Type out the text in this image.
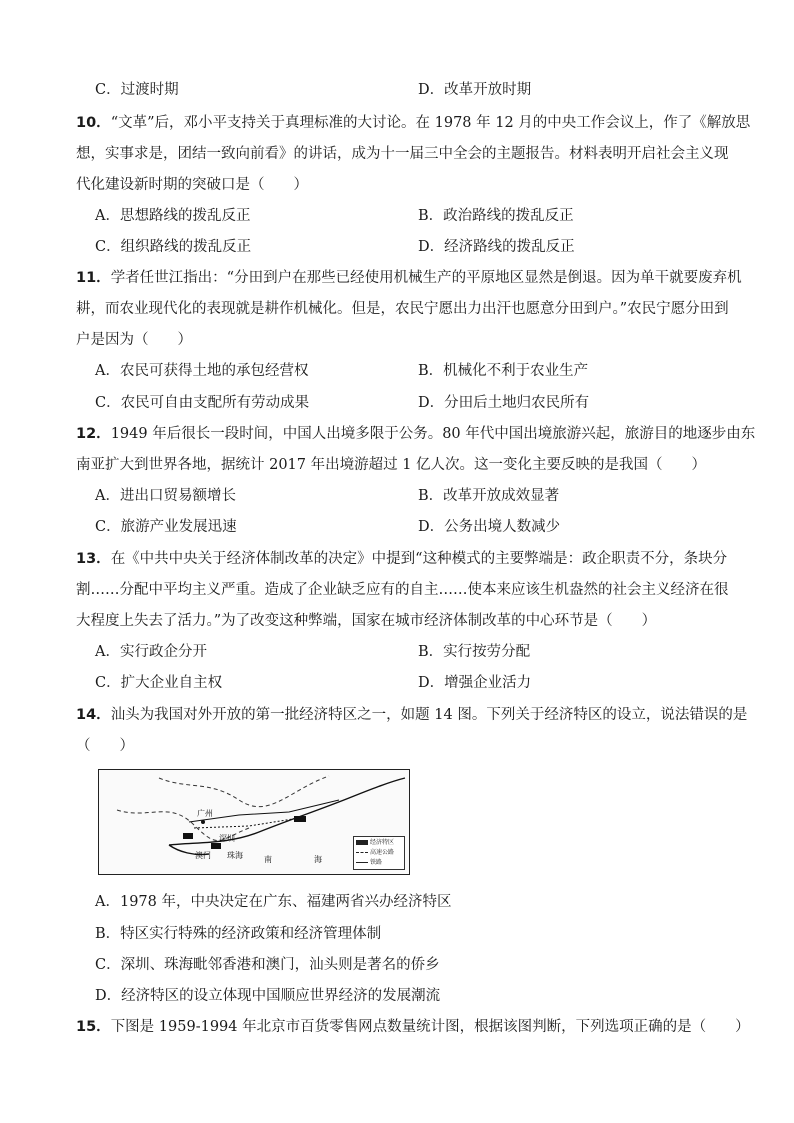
C．过渡时期	D．改革开放时期
10．“文革”后，邓小平支持关于真理标准的大讨论。在 1978 年 12 月的中央工作会议上，作了《解放思
想，实事求是，团结一致向前看》的讲话，成为十一届三中全会的主题报告。材料表明开启社会主义现
代化建设新时期的突破口是（　　）
A．思想路线的拨乱反正	B．政治路线的拨乱反正
C．组织路线的拨乱反正	D．经济路线的拨乱反正
11．学者任世江指出：“分田到户在那些已经使用机械生产的平原地区显然是倒退。因为单干就要废弃机
耕，而农业现代化的表现就是耕作机械化。但是，农民宁愿出力出汗也愿意分田到户。”农民宁愿分田到
户是因为（　　）
A．农民可获得土地的承包经营权	B．机械化不利于农业生产
C．农民可自由支配所有劳动成果	D．分田后土地归农民所有
12．1949 年后很长一段时间，中国人出境多限于公务。80 年代中国出境旅游兴起，旅游目的地逐步由东
南亚扩大到世界各地，据统计 2017 年出境游超过 1 亿人次。这一变化主要反映的是我国（　　）
A．进出口贸易额增长	B．改革开放成效显著
C．旅游产业发展迅速	D．公务出境人数减少
13．在《中共中央关于经济体制改革的决定》中提到“这种模式的主要弊端是：政企职责不分，条块分
割……分配中平均主义严重。造成了企业缺乏应有的自主……使本来应该生机盎然的社会主义经济在很
大程度上失去了活力。”为了改变这种弊端，国家在城市经济体制改革的中心环节是（　　）
A．实行政企分开	B．实行按劳分配
C．扩大企业自主权	D．增强企业活力
14．汕头为我国对外开放的第一批经济特区之一，如题 14 图。下列关于经济特区的设立，说法错误的是
（　　）
广州
深圳
珠海
澳门	南	海
经济特区
高速公路
铁路
A．1978 年，中央决定在广东、福建两省兴办经济特区
B．特区实行特殊的经济政策和经济管理体制
C．深圳、珠海毗邻香港和澳门，汕头则是著名的侨乡
D．经济特区的设立体现中国顺应世界经济的发展潮流
15．下图是 1959-1994 年北京市百货零售网点数量统计图，根据该图判断，下列选项正确的是（　　）
